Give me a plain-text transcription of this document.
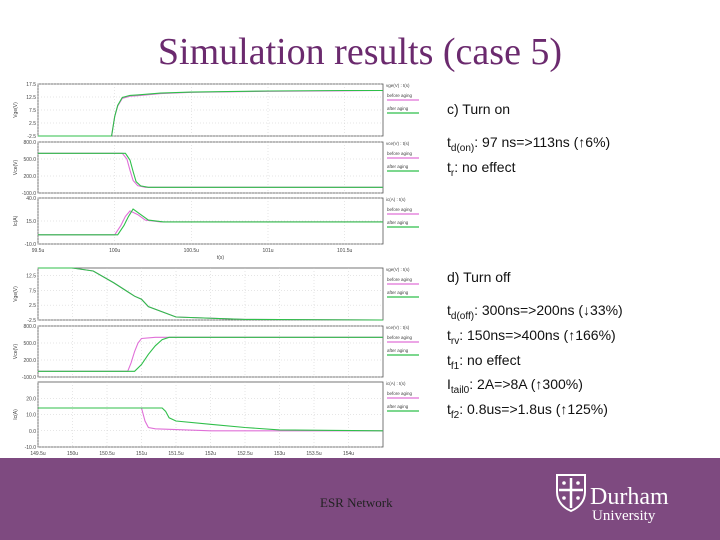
Simulation results (case 5)
-2.5
2.5
7.5
12.5
17.5
Vge(V)
vge(V) : t(s)
before aging
after aging
-100.0
200.0
500.0
800.0
Vce(V)
vce(V) : t(s)
before aging
after aging
-10.0
15.0
40.0
Ic(A)
ic(A) : t(s)
before aging
after aging
99.5u	100u	100.5u	101u	101.5u
t(s)
-2.5
2.5
7.5
12.5
Vge(V)
vge(V) : t(s)
before aging
after aging
-100.0
200.0
500.0
800.0
Vce(V)
vce(V) : t(s)
before aging
after aging
-10.0
0.0
10.0
20.0
Ic(A)
ic(A) : t(s)
before aging
after aging
149.5u	150u	150.5u	151u	151.5u	152u	152.5u	153u	153.5u	154u
c) Turn on
$t_{d(on)}$: 97 ns=>113ns (↑6%)
$t_r$: no effect
d) Turn off
$t_{d(off)}$: 300ns=>200ns (↓33%)
$t_{rv}$: 150ns=>400ns (↑166%)
$t_{f1}$: no effect
$I_{tail0}$: 2A=>8A (↑300%)
$t_{f2}$: 0.8us=>1.8us (↑125%)
ESR Network	Durham
University
